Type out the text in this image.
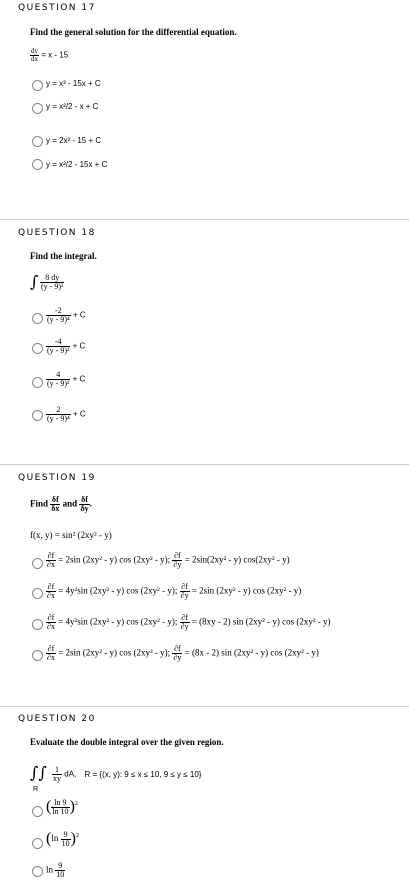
QUESTION 17
Find the general solution for the differential equation.
$\frac{dy}{dx} = x - 15$
y = x³ - 15x + C
y = x²/2 - x + C
y = 2x² - 15 + C
y = x²/2 - 15x + C
QUESTION 18
Find the integral.
∫ $\frac{8 dy}{\text{(y - 9)³}}$
$\frac{-2}{\text{(y - 9)⁴}} + C$
$\frac{-4}{\text{(y - 9)²}} + C$
$\frac{4}{\text{(y - 9)²}} + C$
$\frac{2}{\text{(y - 9)⁴}} + C$
QUESTION 19
Find $\frac{\delta f}{\delta x}$ and $\frac{\delta f}{\delta y}$ .
f(x, y) = sin² (2xy² - y)
$\frac{\partial f}{\partial x} = 2\sin$ (2xy² - y) cos (2xy² - y); $\frac{\partial f}{\partial y} = 2\sin(2xy^2 - y)$ cos(2xy² - y)
$\frac{\partial f}{\partial x} = 4y^2\sin$ (2xy² - y) cos (2xy² - y); $\frac{\partial f}{\partial y} = 2\sin$ (2xy² - y) cos (2xy² - y)
$\frac{\partial f}{\partial x} = 4y^2\sin$ (2xy² - y) cos (2xy² - y); $\frac{\partial f}{\partial y} = (8xy - 2)$ sin (2xy² - y) cos (2xy² - y)
$\frac{\partial f}{\partial x} = 2\sin$ (2xy² - y) cos (2xy² - y); $\frac{\partial f}{\partial y} = (8x - 2)$ sin (2xy² - y) cos (2xy² - y)
QUESTION 20
Evaluate the double integral over the given region.
∫∫
R
$\frac{1}{xy}$ dA, R = {(x, y): 9 ≤ x ≤ 10, 9 ≤ y ≤ 10}
( $\frac{\ln 9}{\ln 10} )^2$
$(\ln \frac{9}{10} )^2$
$\ln \frac{9}{10}$
